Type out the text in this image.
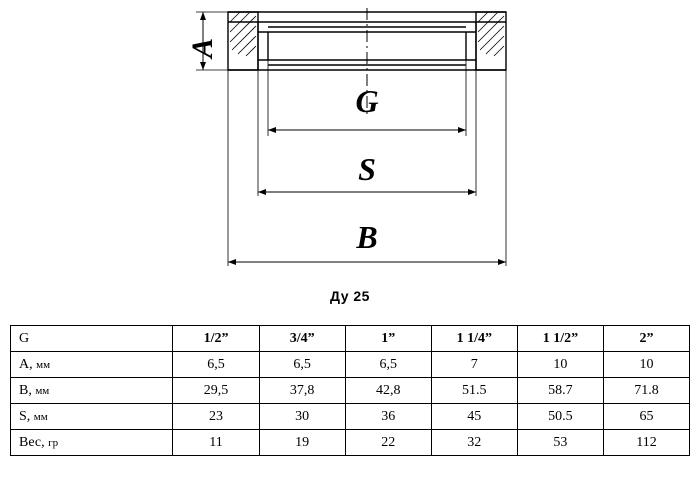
A
G
S
B
Ду 25
G	1/2”	3/4”	1”	1 1/4”	1 1/2”	2”
A, мм	6,5	6,5	6,5	7	10	10
B, мм	29,5	37,8	42,8	51.5	58.7	71.8
S, мм	23	30	36	45	50.5	65
Вес, гр	11	19	22	32	53	112
